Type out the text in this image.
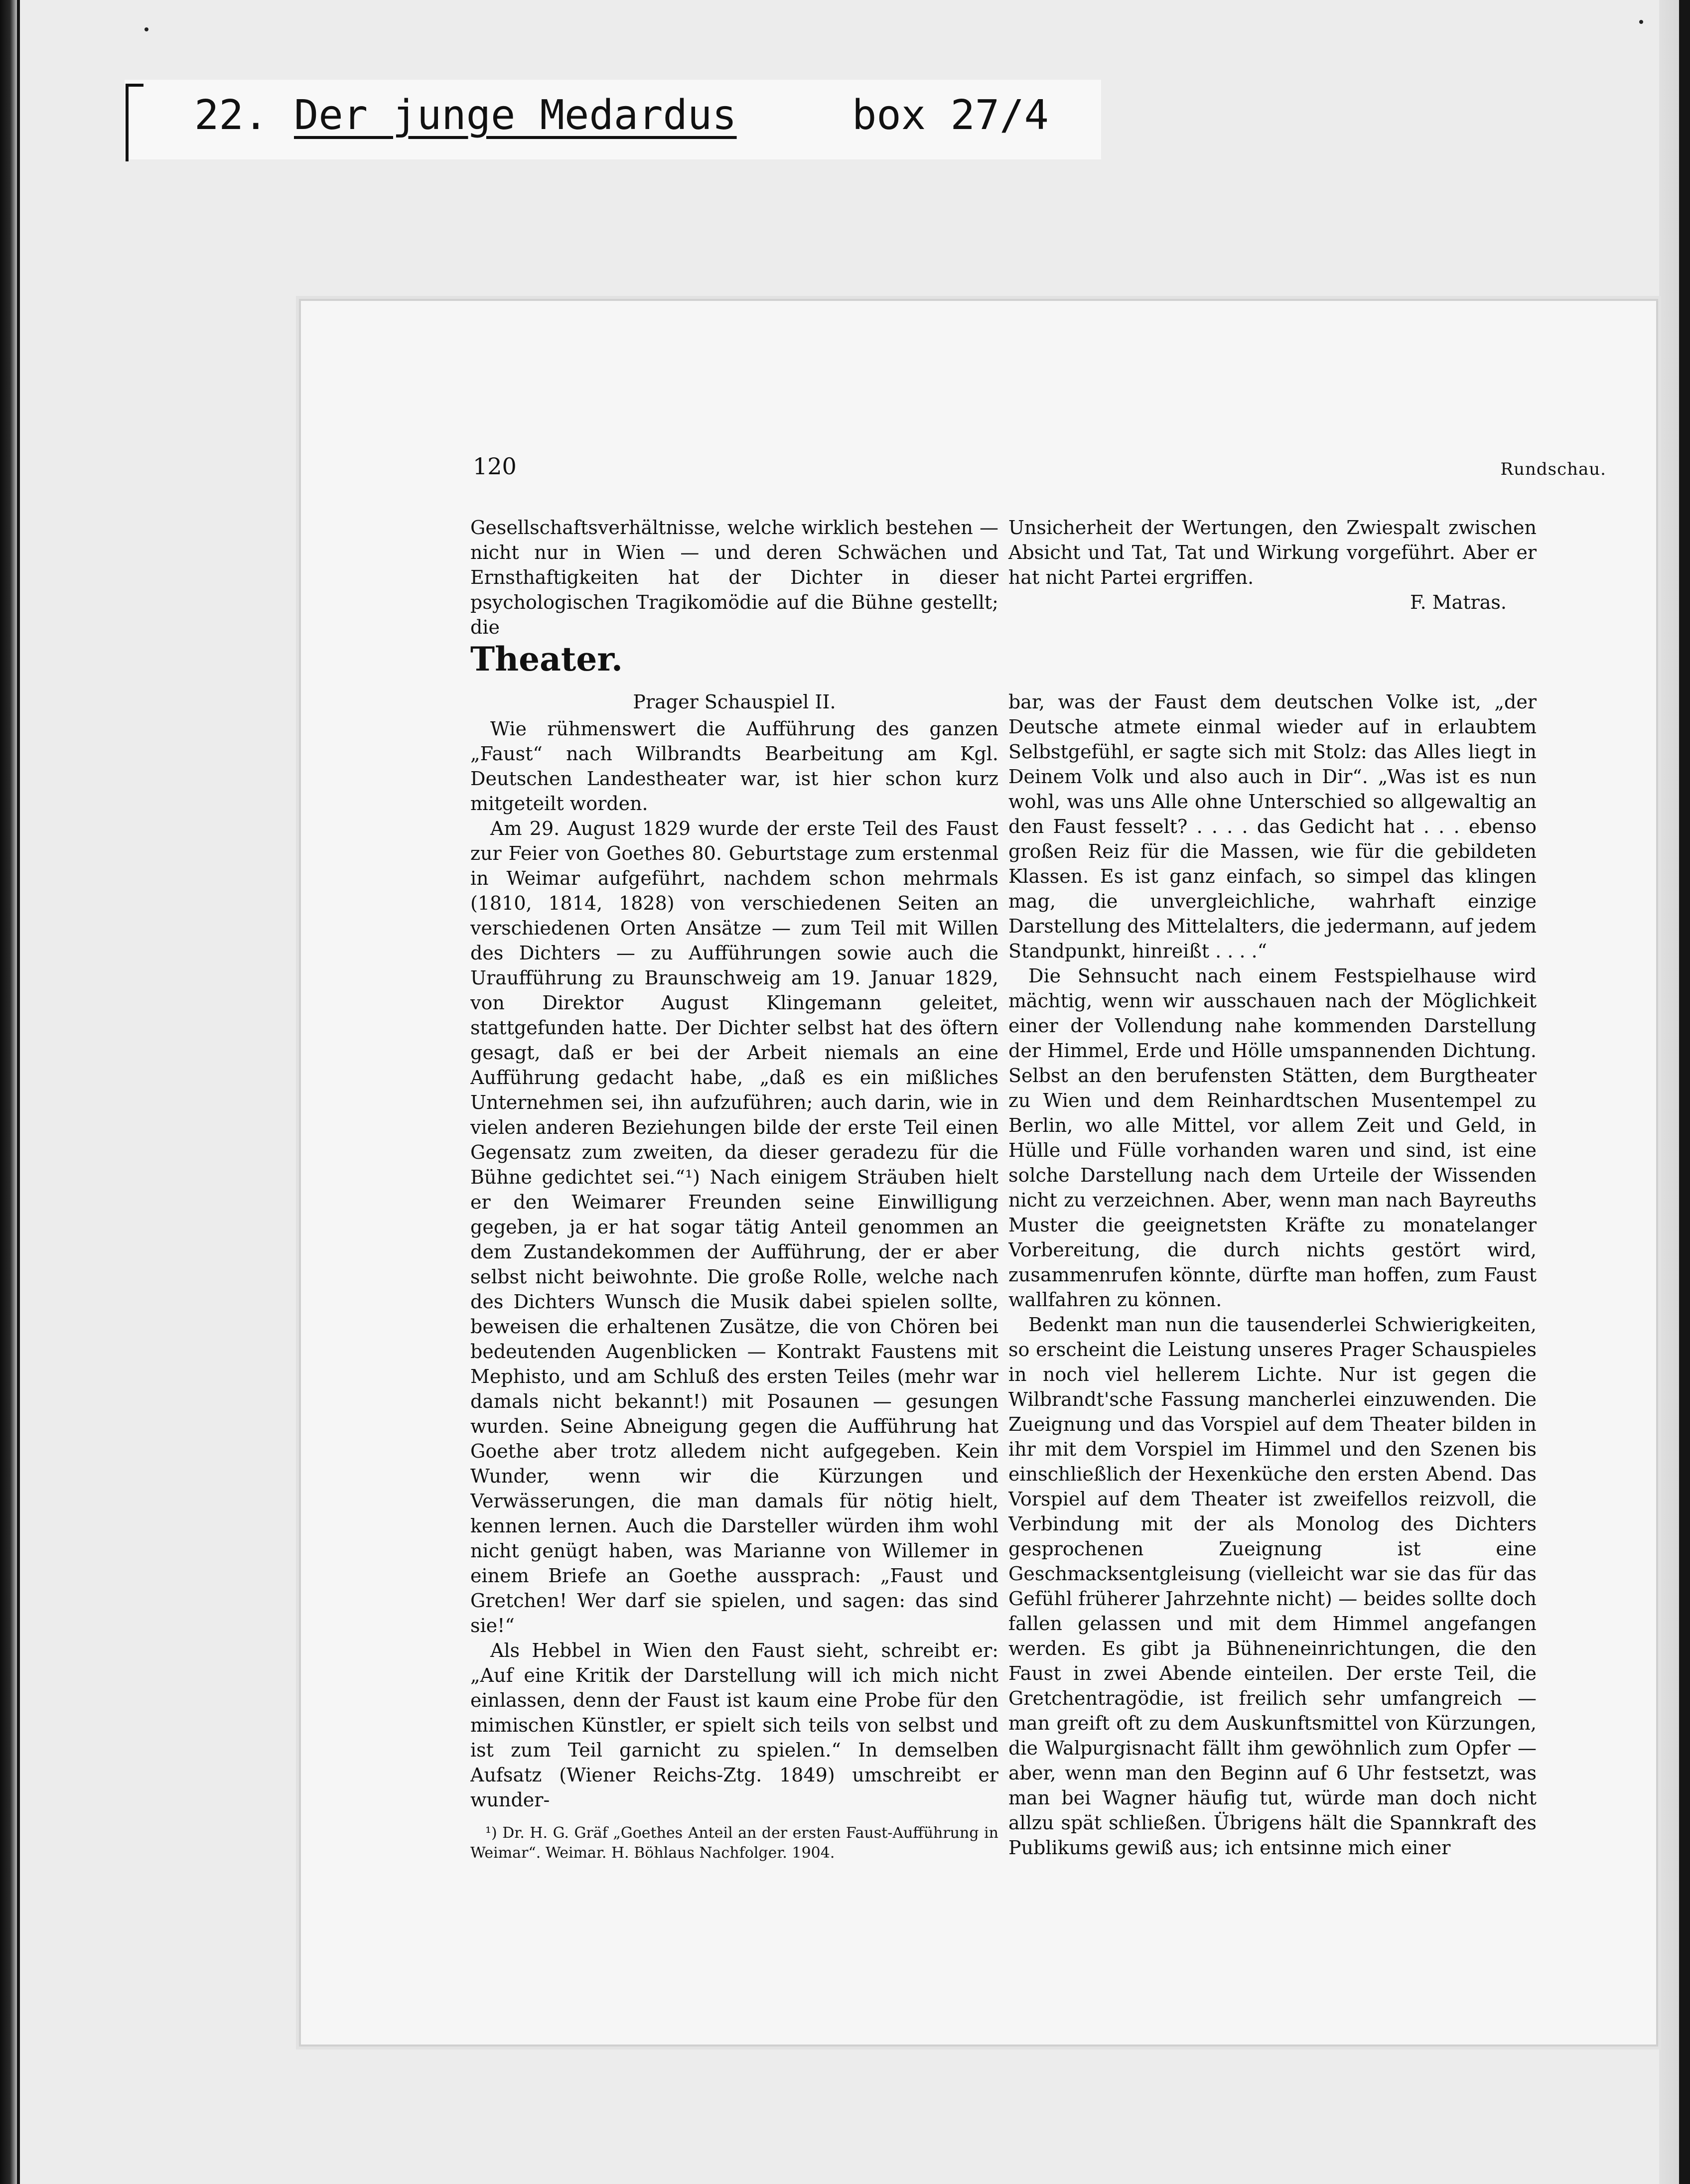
22. Der junge Medardus	box 27/4
120	Rundschau.

Gesellschaftsverhältnisse, welche wirklich bestehen — nicht nur in Wien — und deren Schwächen und Ernsthaftigkeiten hat der Dichter in dieser psychologischen Tragikomödie auf die Bühne gestellt; die

Unsicherheit der Wertungen, den Zwiespalt zwischen Absicht und Tat, Tat und Wirkung vorgeführt. Aber er hat nicht Partei ergriffen.

F. Matras.

Theater.

Prager Schauspiel II.

Wie rühmenswert die Aufführung des ganzen „Faust“ nach Wilbrandts Bearbeitung am Kgl. Deutschen Landestheater war, ist hier schon kurz mitgeteilt worden.

Am 29. August 1829 wurde der erste Teil des Faust zur Feier von Goethes 80. Geburtstage zum erstenmal in Weimar aufgeführt, nachdem schon mehrmals (1810, 1814, 1828) von verschiedenen Seiten an verschiedenen Orten Ansätze — zum Teil mit Willen des Dichters — zu Aufführungen sowie auch die Uraufführung zu Braunschweig am 19. Januar 1829, von Direktor August Klingemann geleitet, stattgefunden hatte. Der Dichter selbst hat des öftern gesagt, daß er bei der Arbeit niemals an eine Aufführung gedacht habe, „daß es ein mißliches Unternehmen sei, ihn aufzuführen; auch darin, wie in vielen anderen Beziehungen bilde der erste Teil einen Gegensatz zum zweiten, da dieser geradezu für die Bühne gedichtet sei.“¹) Nach einigem Sträuben hielt er den Weimarer Freunden seine Einwilligung gegeben, ja er hat sogar tätig Anteil genommen an dem Zustandekommen der Aufführung, der er aber selbst nicht beiwohnte. Die große Rolle, welche nach des Dichters Wunsch die Musik dabei spielen sollte, beweisen die erhaltenen Zusätze, die von Chören bei bedeutenden Augenblicken — Kontrakt Faustens mit Mephisto, und am Schluß des ersten Teiles (mehr war damals nicht bekannt!) mit Posaunen — gesungen wurden. Seine Abneigung gegen die Aufführung hat Goethe aber trotz alledem nicht aufgegeben. Kein Wunder, wenn wir die Kürzungen und Verwässerungen, die man damals für nötig hielt, kennen lernen. Auch die Darsteller würden ihm wohl nicht genügt haben, was Marianne von Willemer in einem Briefe an Goethe aussprach: „Faust und Gretchen! Wer darf sie spielen, und sagen: das sind sie!“

Als Hebbel in Wien den Faust sieht, schreibt er: „Auf eine Kritik der Darstellung will ich mich nicht einlassen, denn der Faust ist kaum eine Probe für den mimischen Künstler, er spielt sich teils von selbst und ist zum Teil garnicht zu spielen.“ In demselben Aufsatz (Wiener Reichs-Ztg. 1849) umschreibt er wunder-

¹) Dr. H. G. Gräf „Goethes Anteil an der ersten Faust-Aufführung in Weimar“. Weimar. H. Böhlaus Nachfolger. 1904.

bar, was der Faust dem deutschen Volke ist, „der Deutsche atmete einmal wieder auf in erlaubtem Selbstgefühl, er sagte sich mit Stolz: das Alles liegt in Deinem Volk und also auch in Dir“. „Was ist es nun wohl, was uns Alle ohne Unterschied so allgewaltig an den Faust fesselt? . . . . das Gedicht hat . . . ebenso großen Reiz für die Massen, wie für die gebildeten Klassen. Es ist ganz einfach, so simpel das klingen mag, die unvergleichliche, wahrhaft einzige Darstellung des Mittelalters, die jedermann, auf jedem Standpunkt, hinreißt . . . .“

Die Sehnsucht nach einem Festspielhause wird mächtig, wenn wir ausschauen nach der Möglichkeit einer der Vollendung nahe kommenden Darstellung der Himmel, Erde und Hölle umspannenden Dichtung. Selbst an den berufensten Stätten, dem Burgtheater zu Wien und dem Reinhardtschen Musentempel zu Berlin, wo alle Mittel, vor allem Zeit und Geld, in Hülle und Fülle vorhanden waren und sind, ist eine solche Darstellung nach dem Urteile der Wissenden nicht zu verzeichnen. Aber, wenn man nach Bayreuths Muster die geeignetsten Kräfte zu monatelanger Vorbereitung, die durch nichts gestört wird, zusammenrufen könnte, dürfte man hoffen, zum Faust wallfahren zu können.

Bedenkt man nun die tausenderlei Schwierigkeiten, so erscheint die Leistung unseres Prager Schauspieles in noch viel hellerem Lichte. Nur ist gegen die Wilbrandt'sche Fassung mancherlei einzuwenden. Die Zueignung und das Vorspiel auf dem Theater bilden in ihr mit dem Vorspiel im Himmel und den Szenen bis einschließlich der Hexenküche den ersten Abend. Das Vorspiel auf dem Theater ist zweifellos reizvoll, die Verbindung mit der als Monolog des Dichters gesprochenen Zueignung ist eine Geschmacksentgleisung (vielleicht war sie das für das Gefühl früherer Jahrzehnte nicht) — beides sollte doch fallen gelassen und mit dem Himmel angefangen werden. Es gibt ja Bühneneinrichtungen, die den Faust in zwei Abende einteilen. Der erste Teil, die Gretchentragödie, ist freilich sehr umfangreich — man greift oft zu dem Auskunftsmittel von Kürzungen, die Walpurgisnacht fällt ihm gewöhnlich zum Opfer — aber, wenn man den Beginn auf 6 Uhr festsetzt, was man bei Wagner häufig tut, würde man doch nicht allzu spät schließen. Übrigens hält die Spannkraft des Publikums gewiß aus; ich entsinne mich einer
